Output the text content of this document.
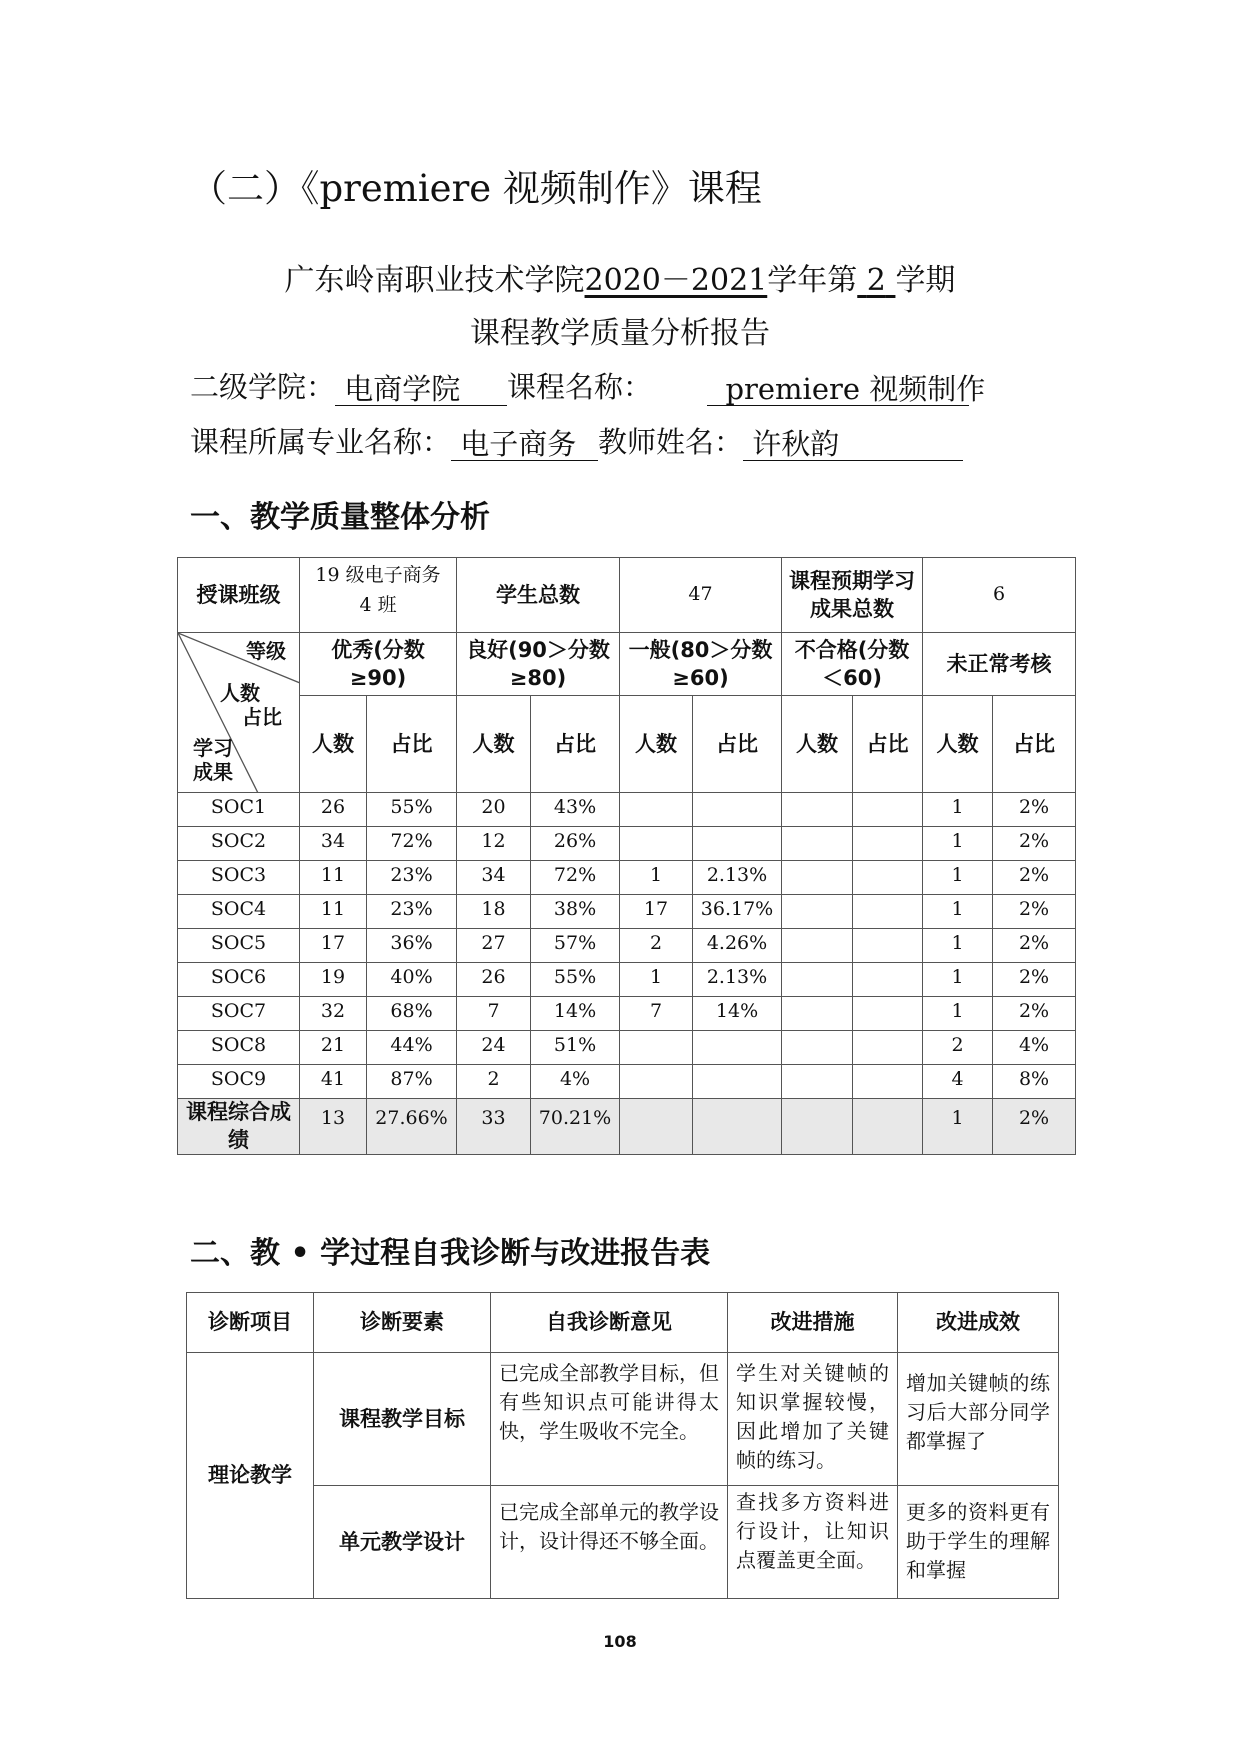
（二）《premiere 视频制作》课程
广东岭南职业技术学院2020－2021学年第 2 学期
课程教学质量分析报告
二级学院： 电商学院 课程名称：	premiere 视频制作
课程所属专业名称： 电子商务 教师姓名： 许秋韵
一、教学质量整体分析
授课班级	19 级电子商务 4 班		学生总数		47		课程预期学习成果总数		6	

等级
人数
占比
学习成果	优秀(分数≥90)		良好(90＞分数≥80)		一般(80＞分数≥60)		不合格(分数＜60)		未正常考核	
	人数	占比	人数	占比	人数	占比	人数	占比	人数	占比
SOC1	26	55%	20	43%					1	2%
SOC2	34	72%	12	26%					1	2%
SOC3	11	23%	34	72%	1	2.13%			1	2%
SOC4	11	23%	18	38%	17	36.17%			1	2%
SOC5	17	36%	27	57%	2	4.26%			1	2%
SOC6	19	40%	26	55%	1	2.13%			1	2%
SOC7	32	68%	7	14%	7	14%			1	2%
SOC8	21	44%	24	51%					2	4%
SOC9	41	87%	2	4%					4	8%
课程综合成绩	13	27.66%	33	70.21%					1	2%
二、教 • 学过程自我诊断与改进报告表
诊断项目	诊断要素	自我诊断意见	改进措施	改进成效
理论教学	课程教学目标	已完成全部教学目标，但有些知识点可能讲得太快，学生吸收不完全。	学生对关键帧的知识掌握较慢，因此增加了关键帧的练习。	增加关键帧的练习后大部分同学都掌握了
	单元教学设计	已完成全部单元的教学设计，设计得还不够全面。	查找多方资料进行设计，让知识点覆盖更全面。	更多的资料更有助于学生的理解和掌握
108
